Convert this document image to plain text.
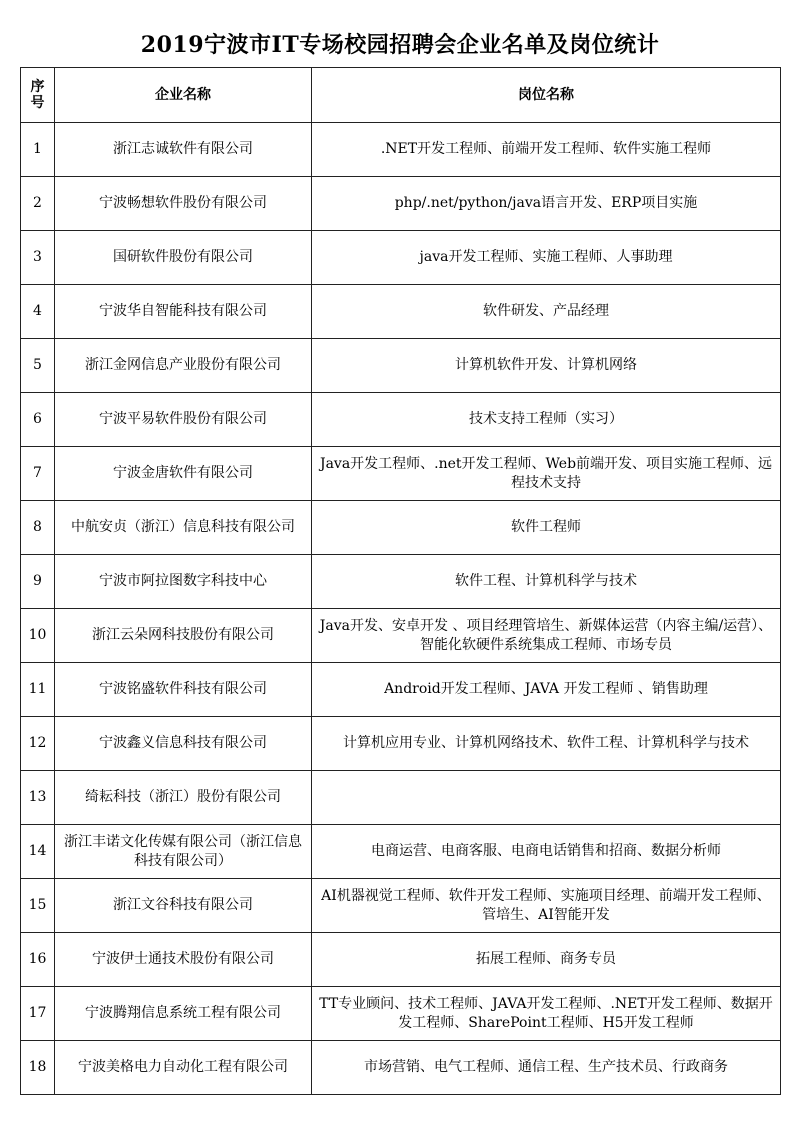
2019宁波市IT专场校园招聘会企业名单及岗位统计
序号	企业名称	岗位名称
1	浙江志诚软件有限公司	.NET开发工程师、前端开发工程师、软件实施工程师
2	宁波畅想软件股份有限公司	php/.net/python/java语言开发、ERP项目实施
3	国研软件股份有限公司	java开发工程师、实施工程师、人事助理
4	宁波华自智能科技有限公司	软件研发、产品经理
5	浙江金网信息产业股份有限公司	计算机软件开发、计算机网络
6	宁波平易软件股份有限公司	技术支持工程师（实习）
7	宁波金唐软件有限公司	Java开发工程师、.net开发工程师、Web前端开发、项目实施工程师、远程技术支持
8	中航安贞（浙江）信息科技有限公司	软件工程师
9	宁波市阿拉图数字科技中心	软件工程、计算机科学与技术
10	浙江云朵网科技股份有限公司	Java开发、安卓开发 、项目经理管培生、新媒体运营（内容主编/运营）、智能化软硬件系统集成工程师、市场专员
11	宁波铭盛软件科技有限公司	Android开发工程师、JAVA 开发工程师 、销售助理
12	宁波鑫义信息科技有限公司	计算机应用专业、计算机网络技术、软件工程、计算机科学与技术
13	绮耘科技（浙江）股份有限公司	
14	浙江丰诺文化传媒有限公司（浙江信息科技有限公司）	电商运营、电商客服、电商电话销售和招商、数据分析师
15	浙江文谷科技有限公司	AI机器视觉工程师、软件开发工程师、实施项目经理、前端开发工程师、管培生、AI智能开发
16	宁波伊士通技术股份有限公司	拓展工程师、商务专员
17	宁波腾翔信息系统工程有限公司	TT专业顾问、技术工程师、JAVA开发工程师、.NET开发工程师、数据开发工程师、SharePoint工程师、H5开发工程师
18	宁波美格电力自动化工程有限公司	市场营销、电气工程师、通信工程、生产技术员、行政商务
